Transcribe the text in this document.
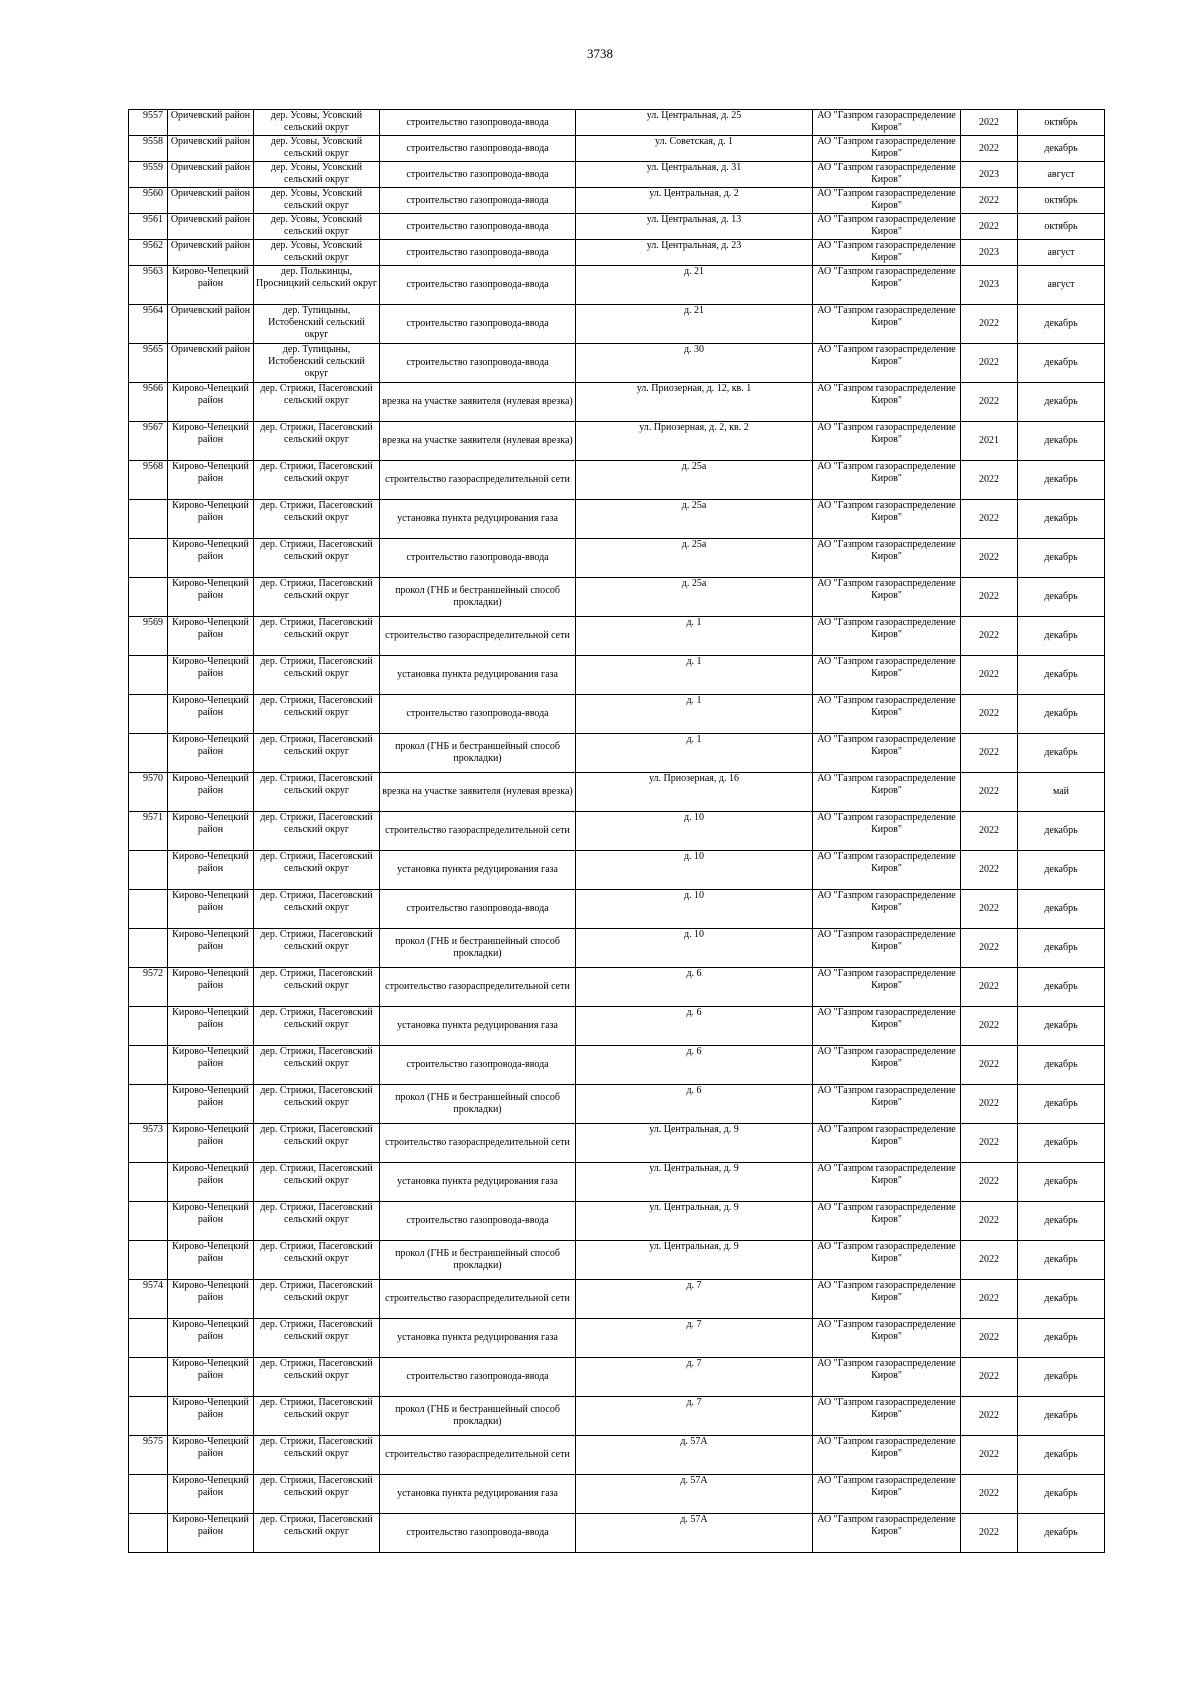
3738
9557	Оричевский район	дер. Усовы, Усовский сельский округ	строительство газопровода-ввода	ул. Центральная, д. 25	АО "Газпром газораспределение Киров"	2022	октябрь
9558	Оричевский район	дер. Усовы, Усовский сельский округ	строительство газопровода-ввода	ул. Советская, д. 1	АО "Газпром газораспределение Киров"	2022	декабрь
9559	Оричевский район	дер. Усовы, Усовский сельский округ	строительство газопровода-ввода	ул. Центральная, д. 31	АО "Газпром газораспределение Киров"	2023	август
9560	Оричевский район	дер. Усовы, Усовский сельский округ	строительство газопровода-ввода	ул. Центральная, д. 2	АО "Газпром газораспределение Киров"	2022	октябрь
9561	Оричевский район	дер. Усовы, Усовский сельский округ	строительство газопровода-ввода	ул. Центральная, д. 13	АО "Газпром газораспределение Киров"	2022	октябрь
9562	Оричевский район	дер. Усовы, Усовский сельский округ	строительство газопровода-ввода	ул. Центральная, д. 23	АО "Газпром газораспределение Киров"	2023	август
9563	Кирово-Чепецкий район	дер. Полькинцы, Просницкий сельский округ	строительство газопровода-ввода	д. 21	АО "Газпром газораспределение Киров"	2023	август
9564	Оричевский район	дер. Тупицыны, Истобенский сельский округ	строительство газопровода-ввода	д. 21	АО "Газпром газораспределение Киров"	2022	декабрь
9565	Оричевский район	дер. Тупицыны, Истобенский сельский округ	строительство газопровода-ввода	д. 30	АО "Газпром газораспределение Киров"	2022	декабрь
9566	Кирово-Чепецкий район	дер. Стрижи, Пасеговский сельский округ	врезка на участке заявителя (нулевая врезка)	ул. Приозерная, д. 12, кв. 1	АО "Газпром газораспределение Киров"	2022	декабрь
9567	Кирово-Чепецкий район	дер. Стрижи, Пасеговский сельский округ	врезка на участке заявителя (нулевая врезка)	ул. Приозерная, д. 2, кв. 2	АО "Газпром газораспределение Киров"	2021	декабрь
9568	Кирово-Чепецкий район	дер. Стрижи, Пасеговский сельский округ	строительство газораспределительной сети	д. 25а	АО "Газпром газораспределение Киров"	2022	декабрь
	Кирово-Чепецкий район	дер. Стрижи, Пасеговский сельский округ	установка пункта редуцирования газа	д. 25а	АО "Газпром газораспределение Киров"	2022	декабрь
	Кирово-Чепецкий район	дер. Стрижи, Пасеговский сельский округ	строительство газопровода-ввода	д. 25а	АО "Газпром газораспределение Киров"	2022	декабрь
	Кирово-Чепецкий район	дер. Стрижи, Пасеговский сельский округ	прокол (ГНБ и бестраншейный способ прокладки)	д. 25а	АО "Газпром газораспределение Киров"	2022	декабрь
9569	Кирово-Чепецкий район	дер. Стрижи, Пасеговский сельский округ	строительство газораспределительной сети	д. 1	АО "Газпром газораспределение Киров"	2022	декабрь
	Кирово-Чепецкий район	дер. Стрижи, Пасеговский сельский округ	установка пункта редуцирования газа	д. 1	АО "Газпром газораспределение Киров"	2022	декабрь
	Кирово-Чепецкий район	дер. Стрижи, Пасеговский сельский округ	строительство газопровода-ввода	д. 1	АО "Газпром газораспределение Киров"	2022	декабрь
	Кирово-Чепецкий район	дер. Стрижи, Пасеговский сельский округ	прокол (ГНБ и бестраншейный способ прокладки)	д. 1	АО "Газпром газораспределение Киров"	2022	декабрь
9570	Кирово-Чепецкий район	дер. Стрижи, Пасеговский сельский округ	врезка на участке заявителя (нулевая врезка)	ул. Приозерная, д. 16	АО "Газпром газораспределение Киров"	2022	май
9571	Кирово-Чепецкий район	дер. Стрижи, Пасеговский сельский округ	строительство газораспределительной сети	д. 10	АО "Газпром газораспределение Киров"	2022	декабрь
	Кирово-Чепецкий район	дер. Стрижи, Пасеговский сельский округ	установка пункта редуцирования газа	д. 10	АО "Газпром газораспределение Киров"	2022	декабрь
	Кирово-Чепецкий район	дер. Стрижи, Пасеговский сельский округ	строительство газопровода-ввода	д. 10	АО "Газпром газораспределение Киров"	2022	декабрь
	Кирово-Чепецкий район	дер. Стрижи, Пасеговский сельский округ	прокол (ГНБ и бестраншейный способ прокладки)	д. 10	АО "Газпром газораспределение Киров"	2022	декабрь
9572	Кирово-Чепецкий район	дер. Стрижи, Пасеговский сельский округ	строительство газораспределительной сети	д. 6	АО "Газпром газораспределение Киров"	2022	декабрь
	Кирово-Чепецкий район	дер. Стрижи, Пасеговский сельский округ	установка пункта редуцирования газа	д. 6	АО "Газпром газораспределение Киров"	2022	декабрь
	Кирово-Чепецкий район	дер. Стрижи, Пасеговский сельский округ	строительство газопровода-ввода	д. 6	АО "Газпром газораспределение Киров"	2022	декабрь
	Кирово-Чепецкий район	дер. Стрижи, Пасеговский сельский округ	прокол (ГНБ и бестраншейный способ прокладки)	д. 6	АО "Газпром газораспределение Киров"	2022	декабрь
9573	Кирово-Чепецкий район	дер. Стрижи, Пасеговский сельский округ	строительство газораспределительной сети	ул. Центральная, д. 9	АО "Газпром газораспределение Киров"	2022	декабрь
	Кирово-Чепецкий район	дер. Стрижи, Пасеговский сельский округ	установка пункта редуцирования газа	ул. Центральная, д. 9	АО "Газпром газораспределение Киров"	2022	декабрь
	Кирово-Чепецкий район	дер. Стрижи, Пасеговский сельский округ	строительство газопровода-ввода	ул. Центральная, д. 9	АО "Газпром газораспределение Киров"	2022	декабрь
	Кирово-Чепецкий район	дер. Стрижи, Пасеговский сельский округ	прокол (ГНБ и бестраншейный способ прокладки)	ул. Центральная, д. 9	АО "Газпром газораспределение Киров"	2022	декабрь
9574	Кирово-Чепецкий район	дер. Стрижи, Пасеговский сельский округ	строительство газораспределительной сети	д. 7	АО "Газпром газораспределение Киров"	2022	декабрь
	Кирово-Чепецкий район	дер. Стрижи, Пасеговский сельский округ	установка пункта редуцирования газа	д. 7	АО "Газпром газораспределение Киров"	2022	декабрь
	Кирово-Чепецкий район	дер. Стрижи, Пасеговский сельский округ	строительство газопровода-ввода	д. 7	АО "Газпром газораспределение Киров"	2022	декабрь
	Кирово-Чепецкий район	дер. Стрижи, Пасеговский сельский округ	прокол (ГНБ и бестраншейный способ прокладки)	д. 7	АО "Газпром газораспределение Киров"	2022	декабрь
9575	Кирово-Чепецкий район	дер. Стрижи, Пасеговский сельский округ	строительство газораспределительной сети	д. 57А	АО "Газпром газораспределение Киров"	2022	декабрь
	Кирово-Чепецкий район	дер. Стрижи, Пасеговский сельский округ	установка пункта редуцирования газа	д. 57А	АО "Газпром газораспределение Киров"	2022	декабрь
	Кирово-Чепецкий район	дер. Стрижи, Пасеговский сельский округ	строительство газопровода-ввода	д. 57А	АО "Газпром газораспределение Киров"	2022	декабрь
